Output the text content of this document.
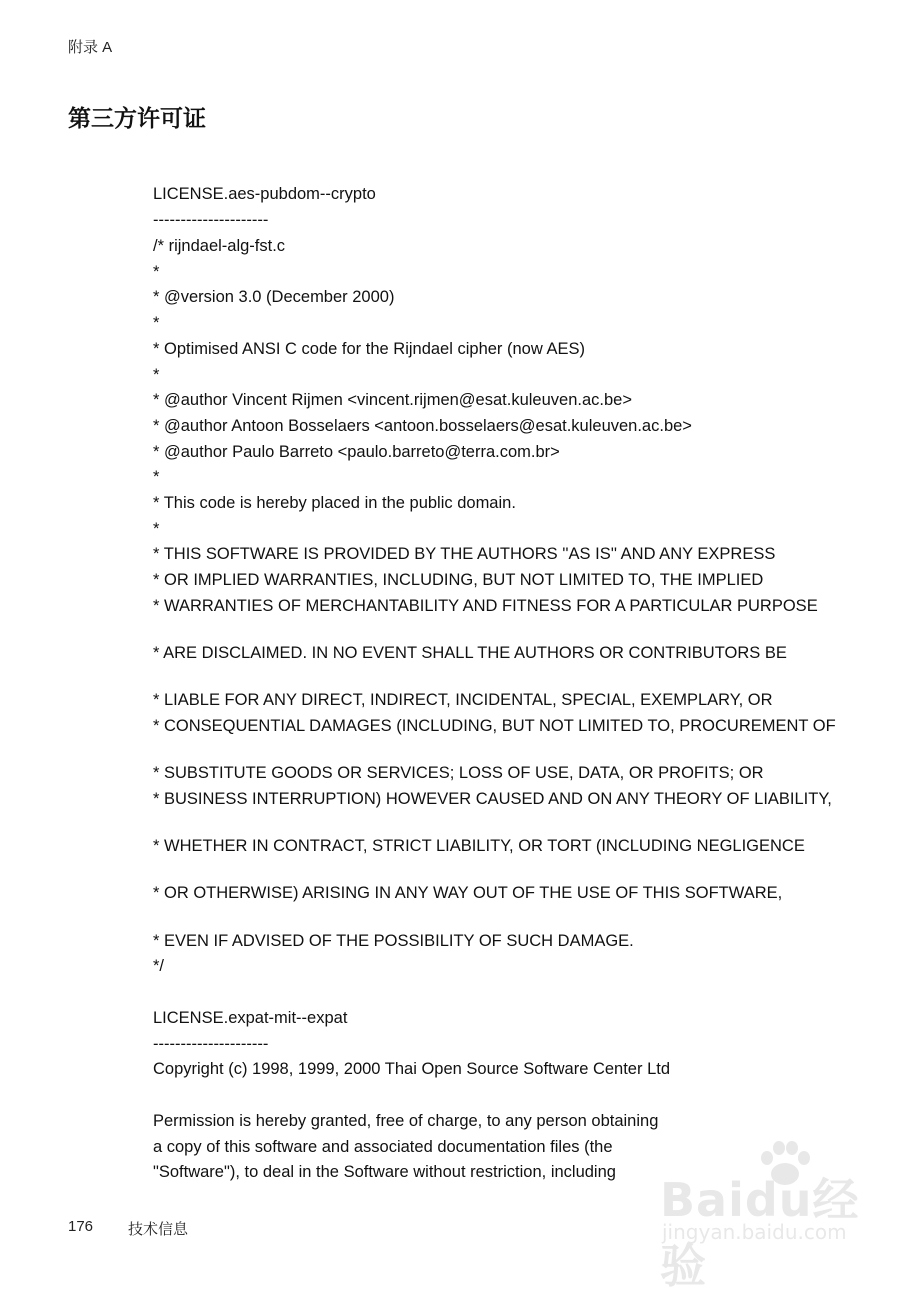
附录 A
第三方许可证
LICENSE.aes-pubdom--crypto
---------------------
/* rijndael-alg-fst.c
*
* @version 3.0 (December 2000)
*
* Optimised ANSI C code for the Rijndael cipher (now AES)
*
* @author Vincent Rijmen <vincent.rijmen@esat.kuleuven.ac.be>
* @author Antoon Bosselaers <antoon.bosselaers@esat.kuleuven.ac.be>
* @author Paulo Barreto <paulo.barreto@terra.com.br>
*
* This code is hereby placed in the public domain.
*
* THIS SOFTWARE IS PROVIDED BY THE AUTHORS ''AS IS'' AND ANY EXPRESS
* OR IMPLIED WARRANTIES, INCLUDING, BUT NOT LIMITED TO, THE IMPLIED
* WARRANTIES OF MERCHANTABILITY AND FITNESS FOR A PARTICULAR PURPOSE
* ARE DISCLAIMED. IN NO EVENT SHALL THE AUTHORS OR CONTRIBUTORS BE
* LIABLE FOR ANY DIRECT, INDIRECT, INCIDENTAL, SPECIAL, EXEMPLARY, OR
* CONSEQUENTIAL DAMAGES (INCLUDING, BUT NOT LIMITED TO, PROCUREMENT OF
* SUBSTITUTE GOODS OR SERVICES; LOSS OF USE, DATA, OR PROFITS; OR
* BUSINESS INTERRUPTION) HOWEVER CAUSED AND ON ANY THEORY OF LIABILITY,
* WHETHER IN CONTRACT, STRICT LIABILITY, OR TORT (INCLUDING NEGLIGENCE
* OR OTHERWISE) ARISING IN ANY WAY OUT OF THE USE OF THIS SOFTWARE,
* EVEN IF ADVISED OF THE POSSIBILITY OF SUCH DAMAGE.
*/
LICENSE.expat-mit--expat
---------------------
Copyright (c) 1998, 1999, 2000 Thai Open Source Software Center Ltd
Permission is hereby granted, free of charge, to any person obtaining
a copy of this software and associated documentation files (the
"Software"), to deal in the Software without restriction, including
Baidu经验
jingyan.baidu.com
176 技术信息
